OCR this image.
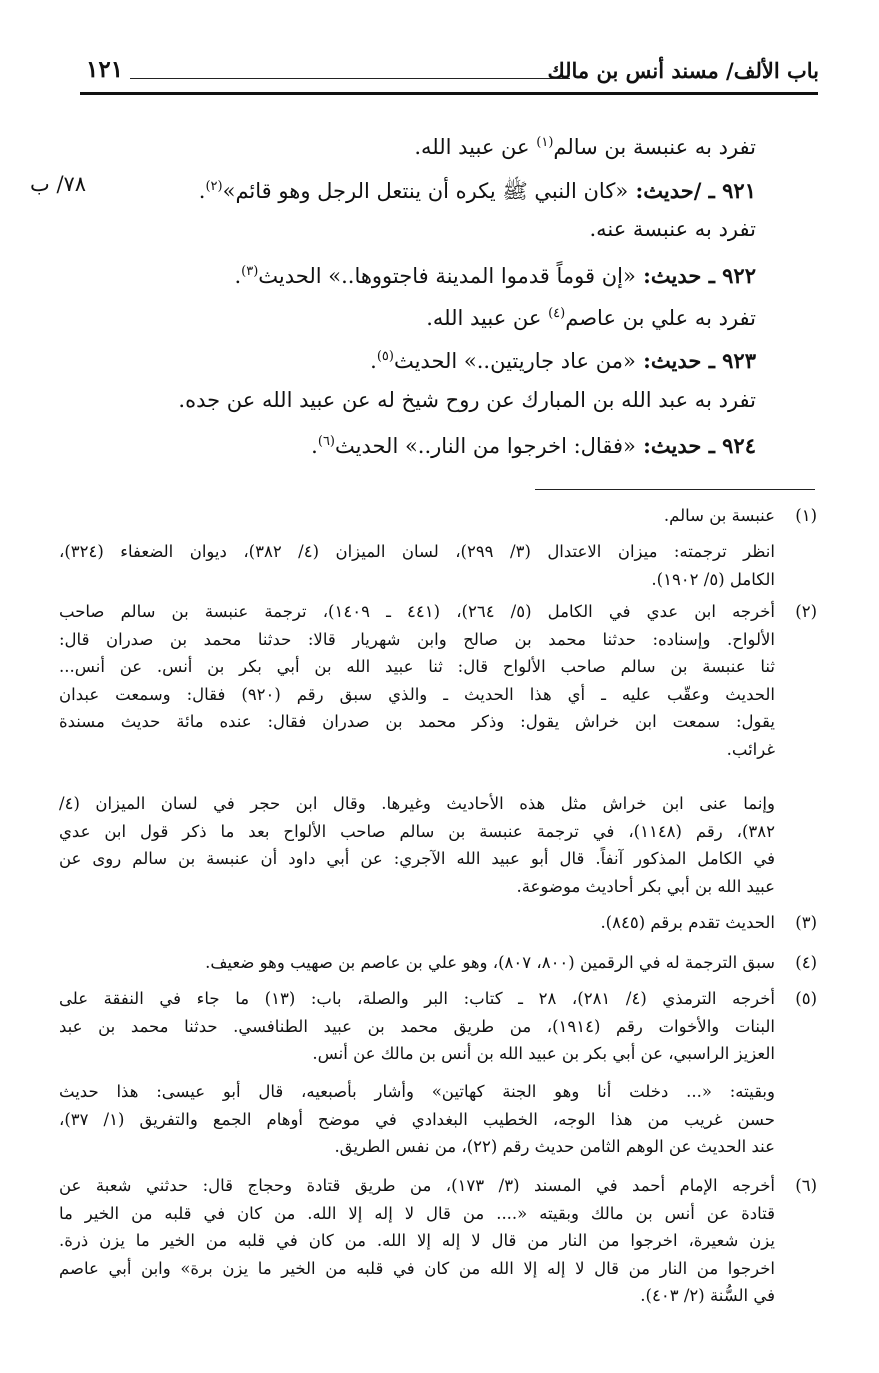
باب الألف/ مسند أنس بن مالك
١٢١
٧٨/ ب
تفرد به عنبسة بن سالم$^{(١)}$ عن عبيد الله.
٩٢١ ـ /حديث: «كان النبي ﷺ يكره أن ينتعل الرجل وهو قائم»$^{(٢)}$.
تفرد به عنبسة عنه.
٩٢٢ ـ حديث: «إن قوماً قدموا المدينة فاجتووها..» الحديث$^{(٣)}$.
تفرد به علي بن عاصم$^{(٤)}$ عن عبيد الله.
٩٢٣ ـ حديث: «من عاد جاريتين..» الحديث$^{(٥)}$.
تفرد به عبد الله بن المبارك عن روح شيخ له عن عبيد الله عن جده.
٩٢٤ ـ حديث: «فقال: اخرجوا من النار..» الحديث$^{(٦)}$.
(١)
عنبسة بن سالم.
انظر ترجمته: ميزان الاعتدال (٣/ ٢٩٩)، لسان الميزان (٤/ ٣٨٢)، ديوان الضعفاء (٣٢٤)،
الكامل (٥/ ١٩٠٢).
(٢)
أخرجه ابن عدي في الكامل (٥/ ٢٦٤)، (٤٤١ ـ ١٤٠٩)، ترجمة عنبسة بن سالم صاحب
الألواح. وإسناده: حدثنا محمد بن صالح وابن شهريار قالا: حدثنا محمد بن صدران قال:
ثنا عنبسة بن سالم صاحب الألواح قال: ثنا عبيد الله بن أبي بكر بن أنس. عن أنس...
الحديث وعقّب عليه ـ أي هذا الحديث ـ والذي سبق رقم (٩٢٠) فقال: وسمعت عبدان
يقول: سمعت ابن خراش يقول: وذكر محمد بن صدران فقال: عنده مائة حديث مسندة
غرائب.
وإنما عنى ابن خراش مثل هذه الأحاديث وغيرها. وقال ابن حجر في لسان الميزان (٤/
٣٨٢)، رقم (١١٤٨)، في ترجمة عنبسة بن سالم صاحب الألواح بعد ما ذكر قول ابن عدي
في الكامل المذكور آنفاً. قال أبو عبيد الله الآجري: عن أبي داود أن عنبسة بن سالم روى عن
عبيد الله بن أبي بكر أحاديث موضوعة.
(٣)
الحديث تقدم برقم (٨٤٥).
(٤)
سبق الترجمة له في الرقمين (٨٠٠، ٨٠٧)، وهو علي بن عاصم بن صهيب وهو ضعيف.
(٥)
أخرجه الترمذي (٤/ ٢٨١)، ٢٨ ـ كتاب: البر والصلة، باب: (١٣) ما جاء في النفقة على
البنات والأخوات رقم (١٩١٤)، من طريق محمد بن عبيد الطنافسي. حدثنا محمد بن عبد
العزيز الراسبي، عن أبي بكر بن عبيد الله بن أنس بن مالك عن أنس.
وبقيته: «... دخلت أنا وهو الجنة كهاتين» وأشار بأصبعيه، قال أبو عيسى: هذا حديث
حسن غريب من هذا الوجه، الخطيب البغدادي في موضح أوهام الجمع والتفريق (١/ ٣٧)،
عند الحديث عن الوهم الثامن حديث رقم (٢٢)، من نفس الطريق.
(٦)
أخرجه الإمام أحمد في المسند (٣/ ١٧٣)، من طريق قتادة وحجاج قال: حدثني شعبة عن
قتادة عن أنس بن مالك وبقيته «.... من قال لا إله إلا الله. من كان في قلبه من الخير ما
يزن شعيرة، اخرجوا من النار من قال لا إله إلا الله. من كان في قلبه من الخير ما يزن ذرة.
اخرجوا من النار من قال لا إله إلا الله من كان في قلبه من الخير ما يزن برة» وابن أبي عاصم
في السُّنة (٢/ ٤٠٣).
